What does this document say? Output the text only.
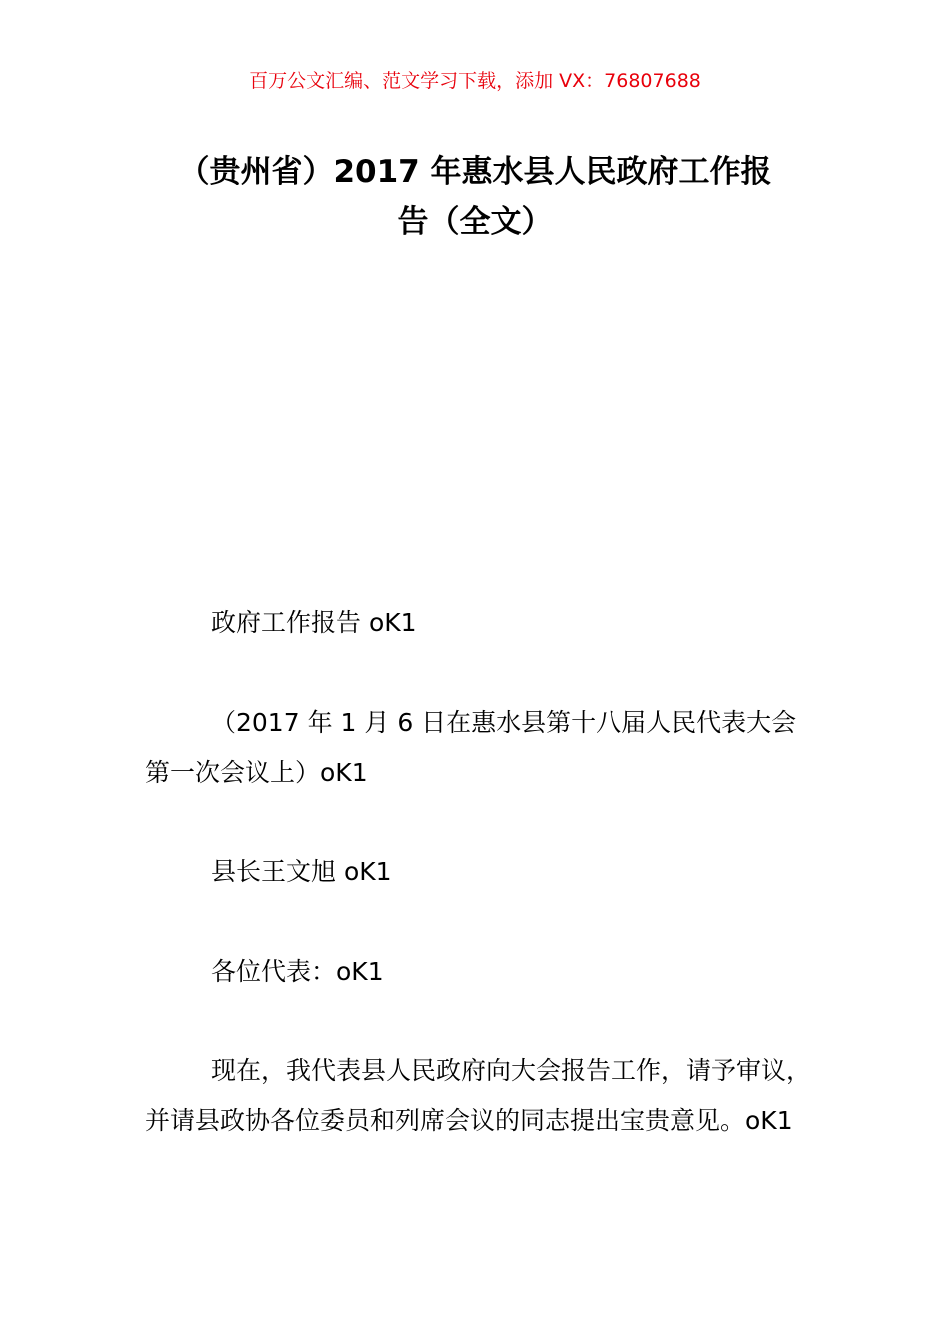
百万公文汇编、范文学习下载，添加 VX：76807688
（贵州省）2017 年惠水县人民政府工作报
告（全文）
政府工作报告 oK1
（2017 年 1 月 6 日在惠水县第十八届人民代表大会
第一次会议上）oK1
县长王文旭 oK1
各位代表：oK1
现在，我代表县人民政府向大会报告工作，请予审议，
并请县政协各位委员和列席会议的同志提出宝贵意见。oK1
